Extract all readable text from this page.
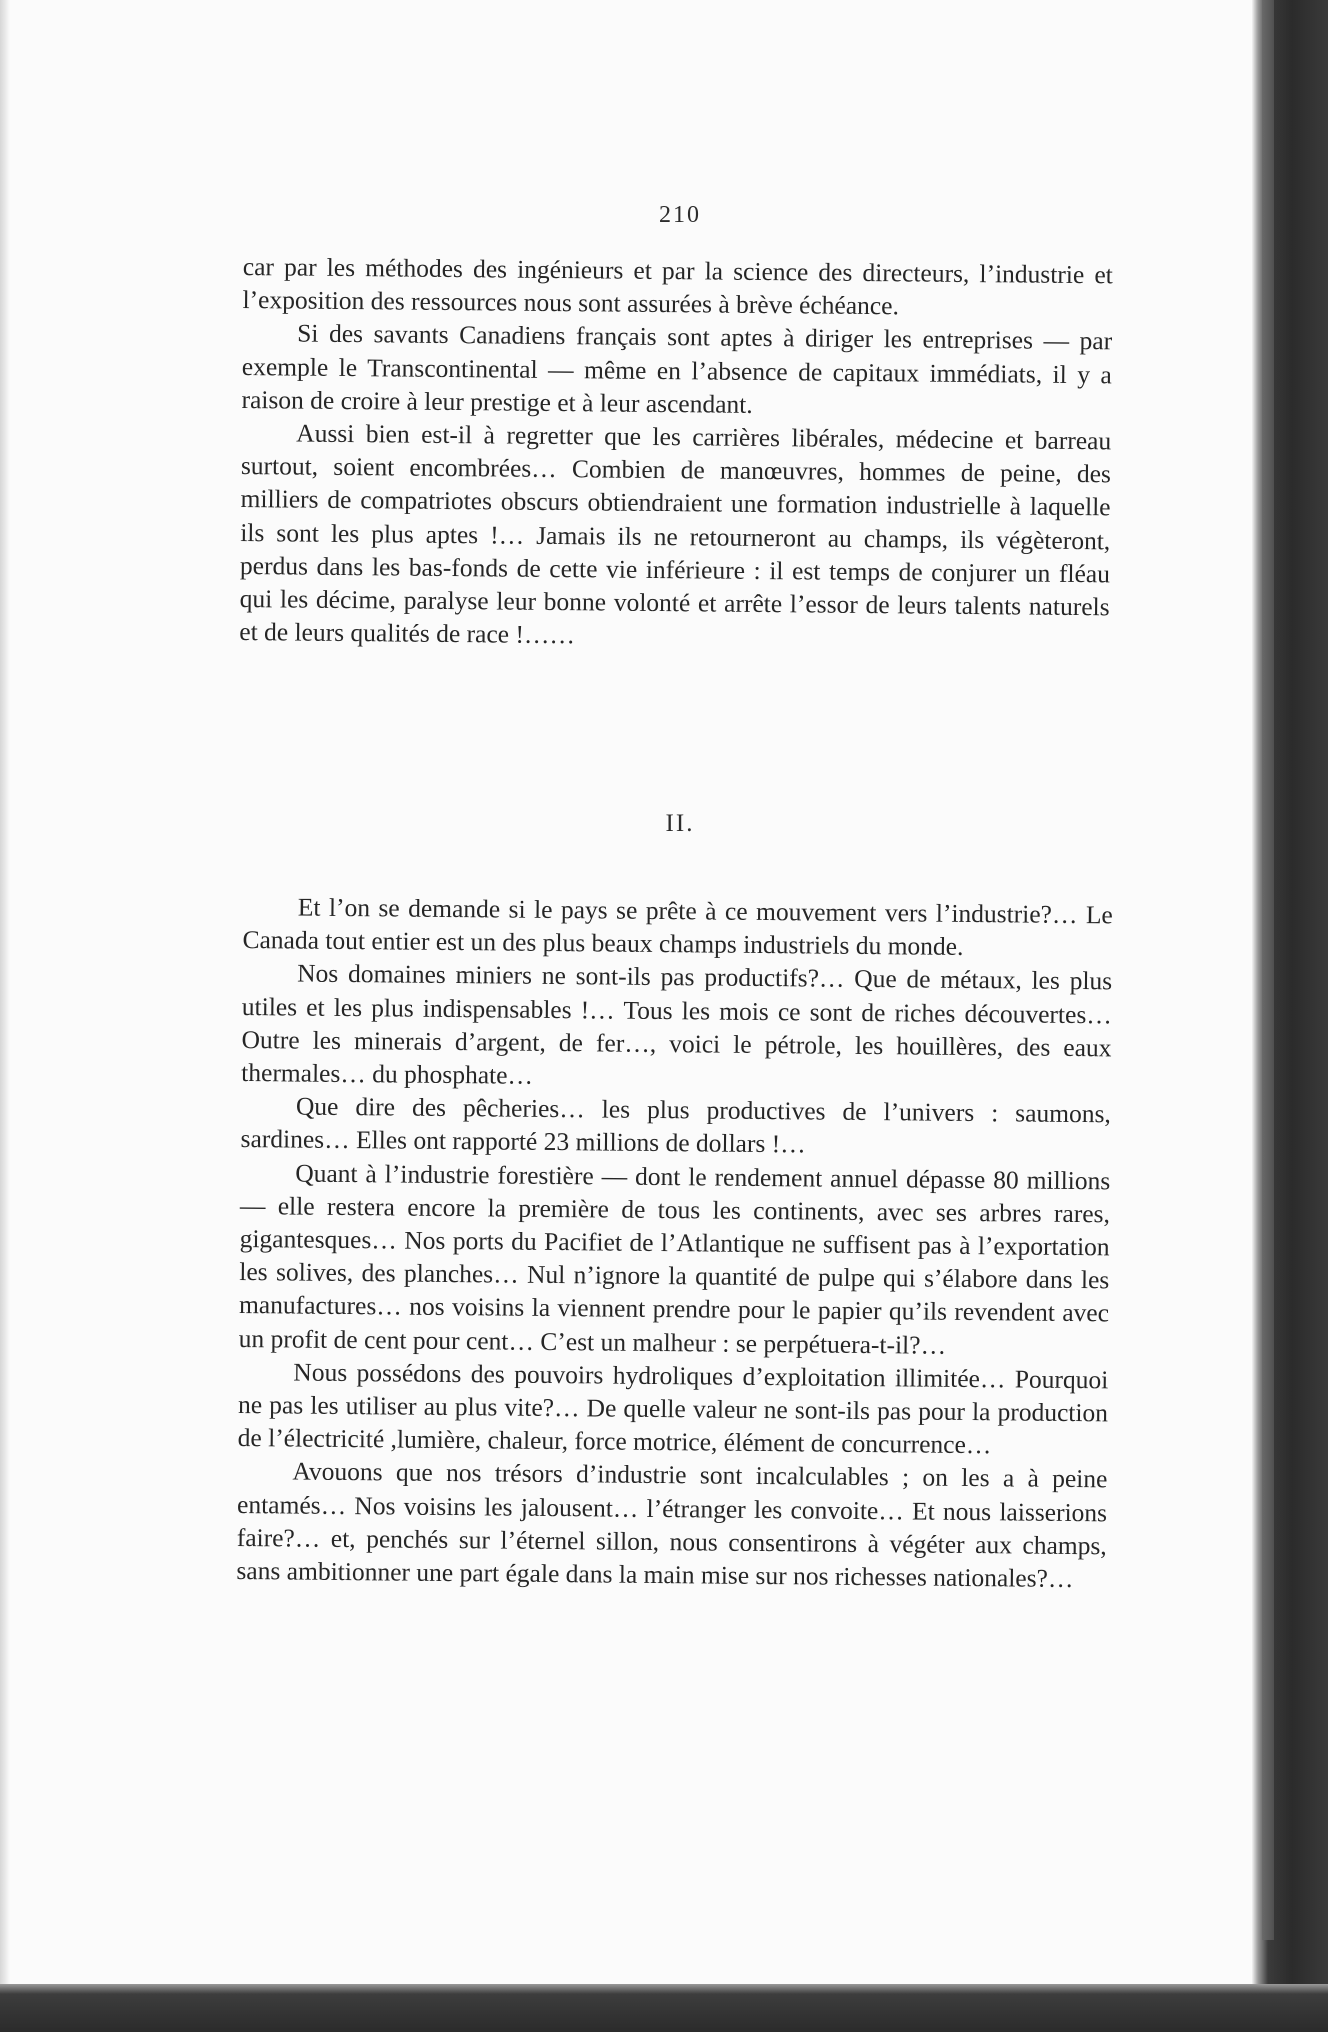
210

car par les méthodes des ingénieurs et par la science des directeurs, l’industrie et l’exposition des ressources nous sont assurées à brève échéance.

Si des savants Canadiens français sont aptes à diriger les entreprises — par exemple le Transcontinental — même en l’absence de capitaux immédiats, il y a raison de croire à leur prestige et à leur ascendant.

Aussi bien est-il à regretter que les carrières libérales, médecine et barreau surtout, soient encombrées… Combien de manœuvres, hommes de peine, des milliers de compatriotes obscurs obtiendraient une formation industrielle à laquelle ils sont les plus aptes !… Jamais ils ne retourneront au champs, ils végèteront, perdus dans les bas-fonds de cette vie inférieure : il est temps de conjurer un fléau qui les décime, paralyse leur bonne volonté et arrête l’essor de leurs talents naturels et de leurs qualités de race !……

II.

Et l’on se demande si le pays se prête à ce mouvement vers l’industrie?… Le Canada tout entier est un des plus beaux champs industriels du monde.

Nos domaines miniers ne sont-ils pas productifs?… Que de métaux, les plus utiles et les plus indispensables !… Tous les mois ce sont de riches découvertes… Outre les minerais d’argent, de fer…, voici le pétrole, les houillères, des eaux thermales… du phosphate…

Que dire des pêcheries… les plus productives de l’univers : saumons, sardines… Elles ont rapporté 23 millions de dollars !…

Quant à l’industrie forestière — dont le rendement annuel dépasse 80 millions — elle restera encore la première de tous les continents, avec ses arbres rares, gigantesques… Nos ports du Pacifiet de l’Atlantique ne suffisent pas à l’exportation les solives, des planches… Nul n’ignore la quantité de pulpe qui s’élabore dans les manufactures… nos voisins la viennent prendre pour le papier qu’ils revendent avec un profit de cent pour cent… C’est un malheur : se perpétuera-t-il?…

Nous possédons des pouvoirs hydroliques d’exploitation illimitée… Pourquoi ne pas les utiliser au plus vite?… De quelle valeur ne sont-ils pas pour la production de l’électricité ,lumière, chaleur, force motrice, élément de concurrence…

Avouons que nos trésors d’industrie sont incalculables ; on les a à peine entamés… Nos voisins les jalousent… l’étranger les convoite… Et nous laisserions faire?… et, penchés sur l’éternel sillon, nous consentirons à végéter aux champs, sans ambitionner une part égale dans la main mise sur nos richesses nationales?…
